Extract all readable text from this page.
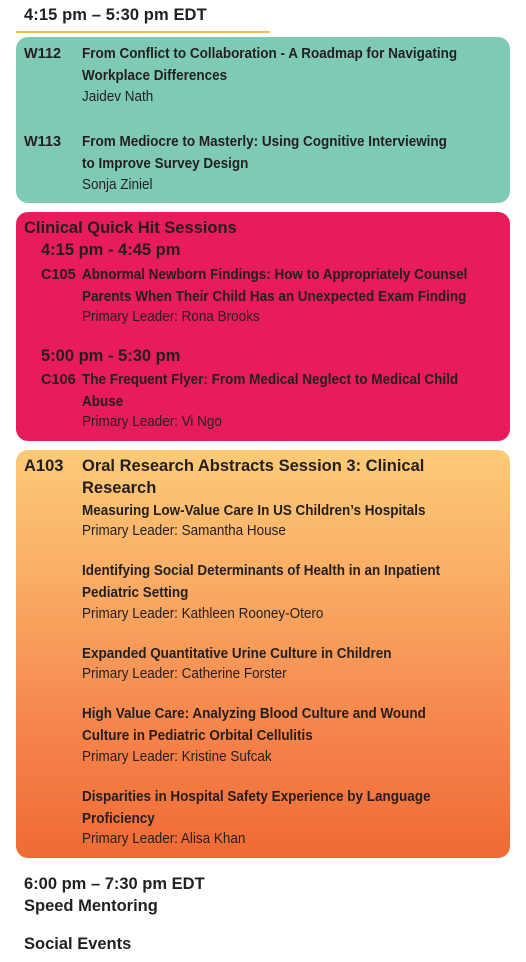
4:15 pm – 5:30 pm EDT
W112 From Conflict to Collaboration - A Roadmap for Navigating
Workplace Differences
Jaidev Nath
W113 From Mediocre to Masterly: Using Cognitive Interviewing
to Improve Survey Design
Sonja Ziniel
Clinical Quick Hit Sessions
4:15 pm - 4:45 pm
C105 Abnormal Newborn Findings: How to Appropriately Counsel
Parents When Their Child Has an Unexpected Exam Finding
Primary Leader: Rona Brooks
5:00 pm - 5:30 pm
C106 The Frequent Flyer: From Medical Neglect to Medical Child
Abuse
Primary Leader: Vi Ngo
A103 Oral Research Abstracts Session 3: Clinical
Research
Measuring Low-Value Care In US Children’s Hospitals
Primary Leader: Samantha House
Identifying Social Determinants of Health in an Inpatient
Pediatric Setting
Primary Leader: Kathleen Rooney-Otero
Expanded Quantitative Urine Culture in Children
Primary Leader: Catherine Forster
High Value Care: Analyzing Blood Culture and Wound
Culture in Pediatric Orbital Cellulitis
Primary Leader: Kristine Sufcak
Disparities in Hospital Safety Experience by Language
Proficiency
Primary Leader: Alisa Khan
6:00 pm – 7:30 pm EDT
Speed Mentoring
Social Events
